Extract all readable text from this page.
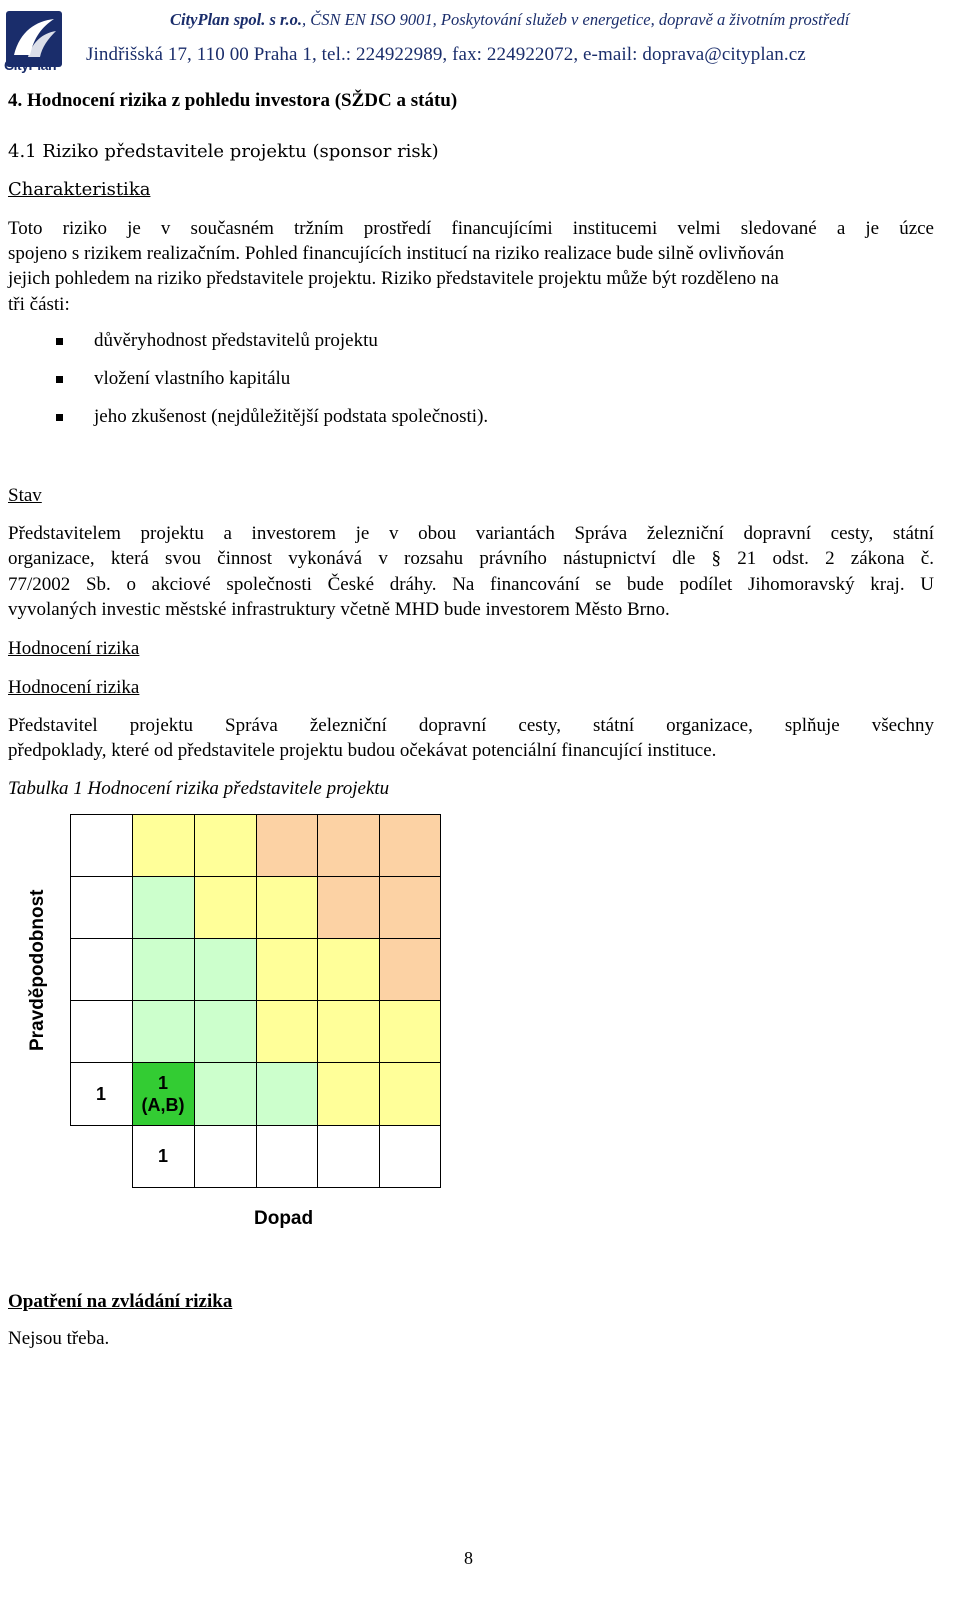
CityPlan
CityPlan spol. s r.o., ČSN EN ISO 9001, Poskytování služeb v energetice, dopravě a životním prostředí
Jindřišská 17, 110 00 Praha 1, tel.: 224922989, fax: 224922072, e-mail: doprava@cityplan.cz
4. Hodnocení rizika z pohledu investora (SŽDC a státu)
4.1 Riziko představitele projektu (sponsor risk)
Charakteristika
Toto riziko je v současném tržním prostředí financujícími institucemi velmi sledované a je úzce
spojeno s rizikem realizačním. Pohled financujících institucí na riziko realizace bude silně ovlivňován
jejich pohledem na riziko představitele projektu. Riziko představitele projektu může být rozděleno na
tři části:
důvěryhodnost představitelů projektu
vložení vlastního kapitálu
jeho zkušenost (nejdůležitější podstata společnosti).
Stav
Představitelem projektu a investorem je v obou variantách Správa železniční dopravní cesty, státní
organizace, která svou činnost vykonává v rozsahu právního nástupnictví dle § 21 odst. 2 zákona č.
77/2002 Sb. o akciové společnosti České dráhy. Na financování se bude podílet Jihomoravský kraj. U
vyvolaných investic městské infrastruktury včetně MHD bude investorem Město Brno.
Hodnocení rizika
Hodnocení rizika
Představitel projektu Správa železniční dopravní cesty, státní organizace, splňuje všechny
předpoklady, které od představitele projektu budou očekávat potenciální financující instituce.
Tabulka 1 Hodnocení rizika představitele projektu
1
1
(A,B)
1
Pravděpodobnost
Dopad
Opatření na zvládání rizika
Nejsou třeba.
8
